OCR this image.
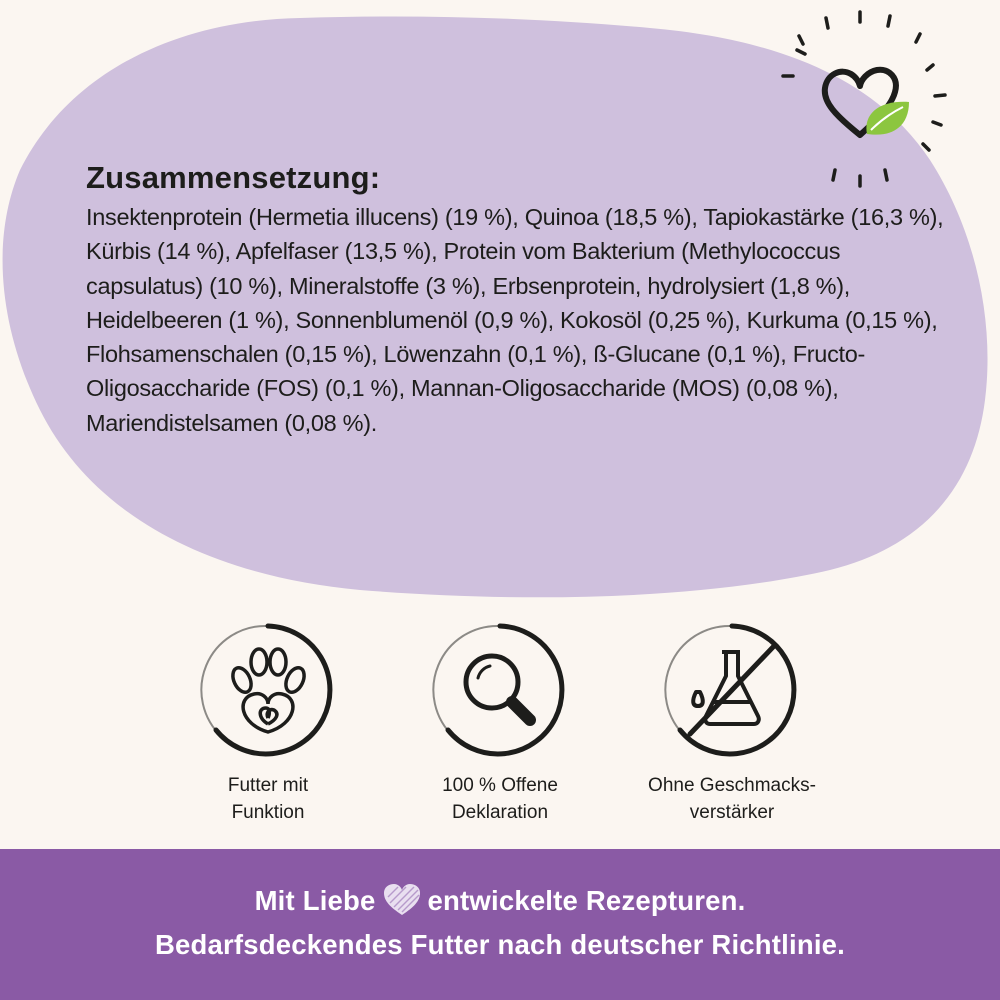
Zusammensetzung:

Insektenprotein (Hermetia illucens) (19 %), Quinoa (18,5 %), Tapiokastärke (16,3 %), Kürbis (14 %), Apfelfaser (13,5 %), Protein vom Bakterium (Methylococcus capsulatus) (10 %), Mineralstoffe (3 %), Erbsenprotein, hydrolysiert (1,8 %), Heidelbeeren (1 %), Sonnenblumenöl (0,9 %), Kokosöl (0,25 %), Kurkuma (0,15 %), Flohsamenschalen (0,15 %), Löwenzahn (0,1 %), ß-Glucane (0,1 %), Fructo-Oligosaccharide (FOS) (0,1 %), Mannan-Oligosaccharide (MOS) (0,08 %), Mariendistelsamen (0,08 %).

Futter mit
Funktion
100 % Offene
Deklaration
Ohne Geschmacks-
verstärker
Mit Liebe entwickelte Rezepturen.
Bedarfsdeckendes Futter nach deutscher Richtlinie.
